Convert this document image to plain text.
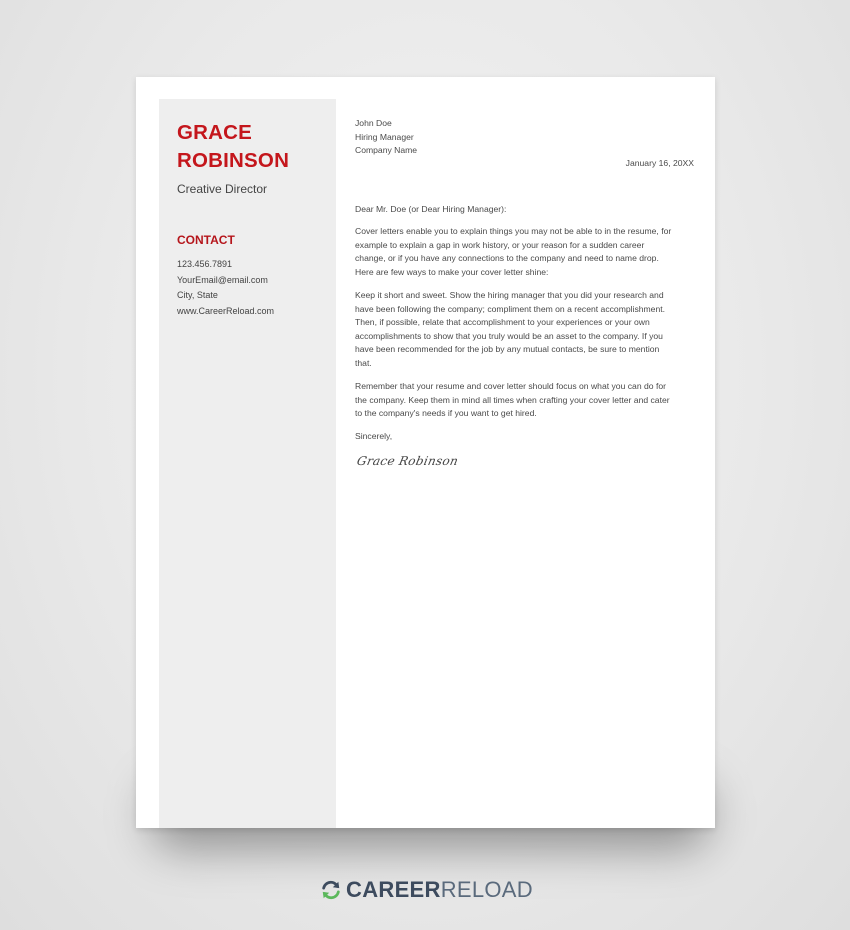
GRACE
ROBINSON
Creative Director
CONTACT
123.456.7891
YourEmail@email.com
City, State
www.CareerReload.com
John Doe
Hiring Manager
Company Name
January 16, 20XX
Dear Mr. Doe (or Dear Hiring Manager):

Cover letters enable you to explain things you may not be able to in the resume, for example to explain a gap in work history, or your reason for a sudden career change, or if you have any connections to the company and need to name drop. Here are few ways to make your cover letter shine:

Keep it short and sweet. Show the hiring manager that you did your research and have been following the company; compliment them on a recent accomplishment. Then, if possible, relate that accomplishment to your experiences or your own accomplishments to show that you truly would be an asset to the company. If you have been recommended for the job by any mutual contacts, be sure to mention that.

Remember that your resume and cover letter should focus on what you can do for the company. Keep them in mind all times when crafting your cover letter and cater to the company's needs if you want to get hired.

Sincerely,
Grace Robinson
CAREERRELOAD
